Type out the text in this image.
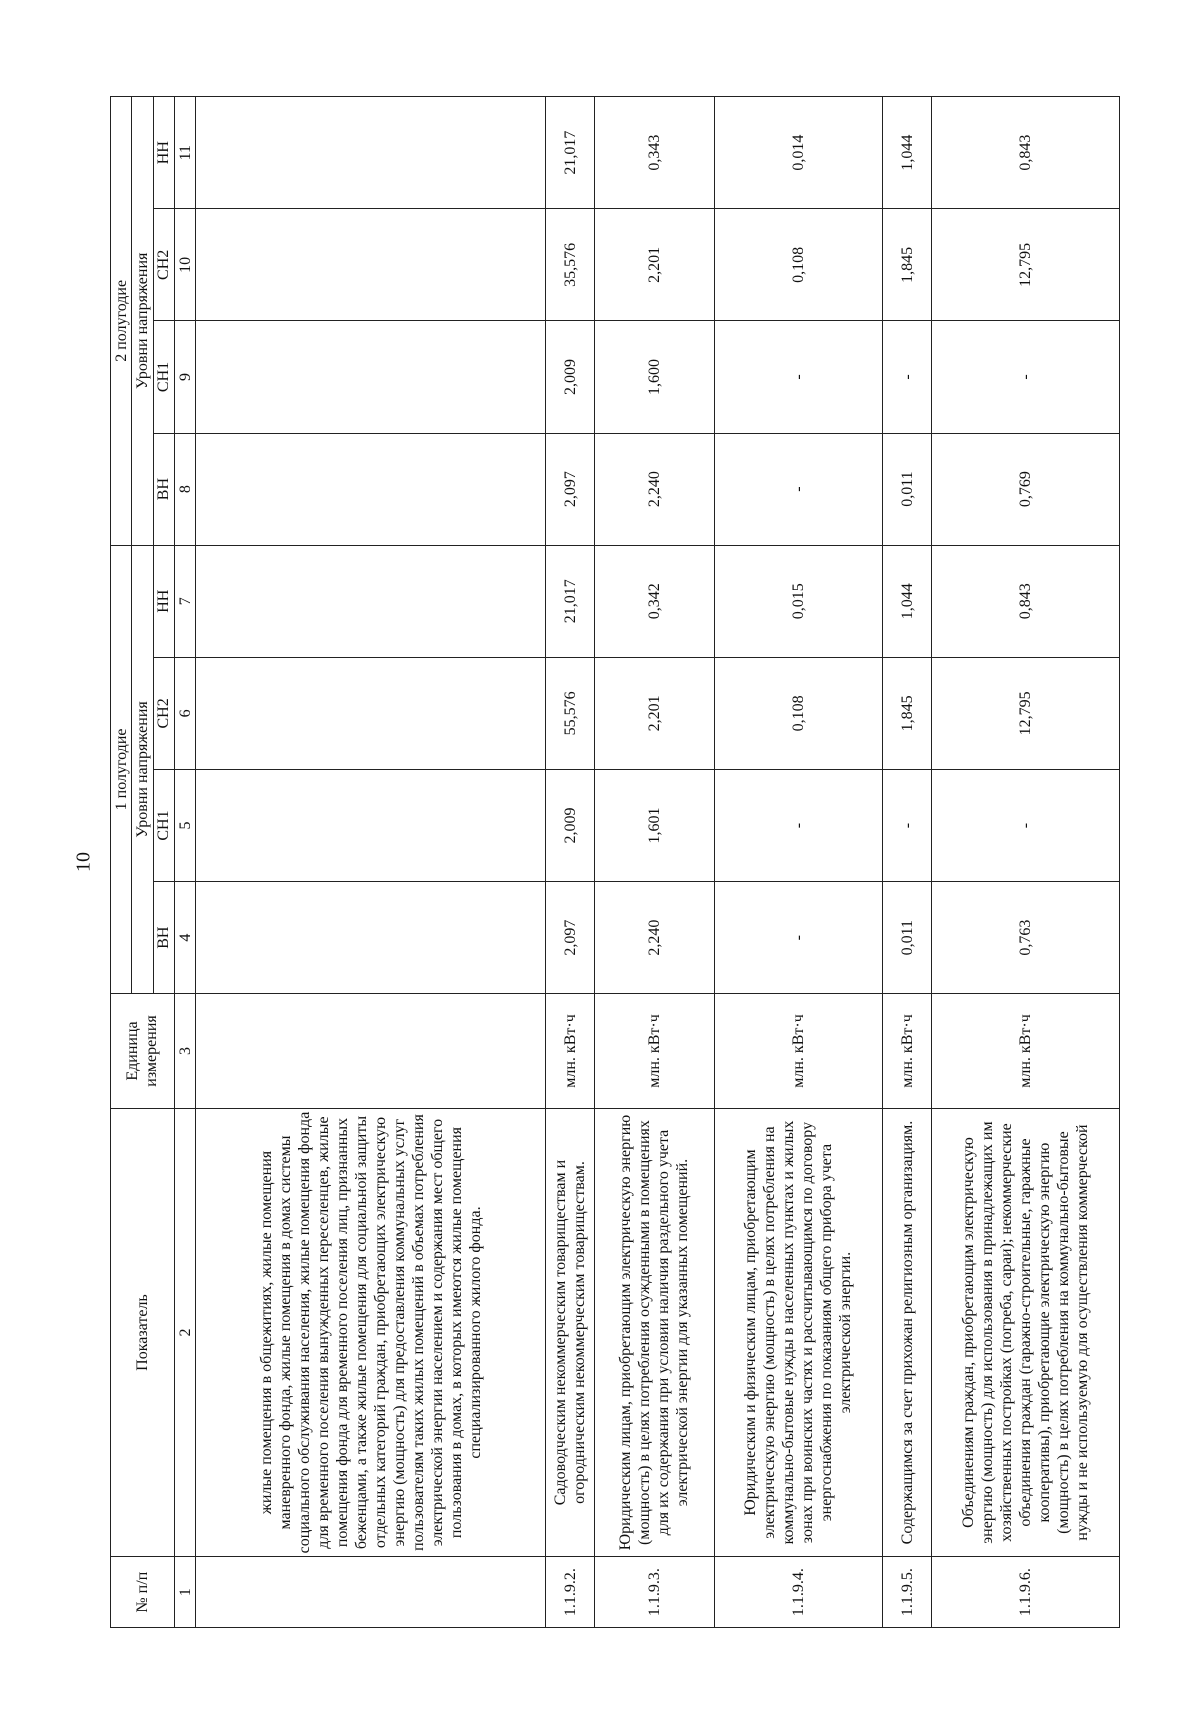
10
№ п/п	Показатель	Единица измерения	1 полугодие				2 полугодие			
			Уровни напряжения				Уровни напряжения			
			ВН	СН1	СН2	НН	ВН	СН1	СН2	НН
1	2	3	4	5	6	7	8	9	10	11
	жилые помещения в общежитиях, жилые помещения маневренного фонда, жилые помещения в домах системы социального обслуживания населения, жилые помещения фонда для временного поселения вынужденных переселенцев, жилые помещения фонда для временного поселения лиц, признанных беженцами, а также жилые помещения для социальной защиты отдельных категорий граждан, приобретающих электрическую энергию (мощность) для предоставления коммунальных услуг пользователям таких жилых помещений в объемах потребления электрической энергии населением и содержания мест общего пользования в домах, в которых имеются жилые помещения специализированного жилого фонда.									
1.1.9.2.	Садоводческим некоммерческим товариществам и огородническим некоммерческим товариществам.	млн. кВт·ч	2,097	2,009	55,576	21,017	2,097	2,009	35,576	21,017
1.1.9.3.	Юридическим лицам, приобретающим электрическую энергию (мощность) в целях потребления осужденными в помещениях для их содержания при условии наличия раздельного учета электрической энергии для указанных помещений.	млн. кВт·ч	2,240	1,601	2,201	0,342	2,240	1,600	2,201	0,343
1.1.9.4.	Юридическим и физическим лицам, приобретающим электрическую энергию (мощность) в целях потребления на коммунально-бытовые нужды в населенных пунктах и жилых зонах при воинских частях и рассчитывающимся по договору энергоснабжения по показаниям общего прибора учета электрической энергии.	млн. кВт·ч	-	-	0,108	0,015	-	-	0,108	0,014
1.1.9.5.	Содержащимся за счет прихожан религиозным организациям.	млн. кВт·ч	0,011	-	1,845	1,044	0,011	-	1,845	1,044
1.1.9.6.	Объединениям граждан, приобретающим электрическую энергию (мощность) для использования в принадлежащих им хозяйственных постройках (погреба, сараи); некоммерческие объединения граждан (гаражно-строительные, гаражные кооперативы), приобретающие электрическую энергию (мощность) в целях потребления на коммунально-бытовые нужды и не используемую для осуществления коммерческой	млн. кВт·ч	0,763	-	12,795	0,843	0,769	-	12,795	0,843
